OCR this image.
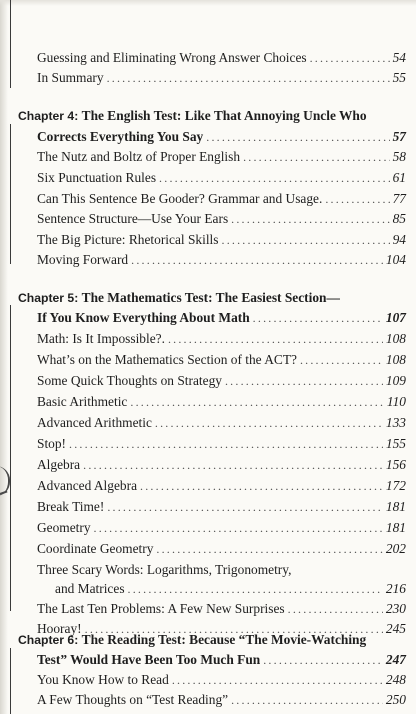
Guessing and Eliminating Wrong Answer Choices .....	54
In Summary .....	55
Chapter 4: The English Test: Like That Annoying Uncle Who
Corrects Everything You Say .....	57
The Nutz and Boltz of Proper English .....	58
Six Punctuation Rules .....	61
Can This Sentence Be Gooder? Grammar and Usage. .....	77
Sentence Structure—Use Your Ears .....	85
The Big Picture: Rhetorical Skills .....	94
Moving Forward .....	104
Chapter 5: The Mathematics Test: The Easiest Section—
If You Know Everything About Math .....	107
Math: Is It Impossible?. .....	108
What’s on the Mathematics Section of the ACT? .....	108
Some Quick Thoughts on Strategy .....	109
Basic Arithmetic .....	110
Advanced Arithmetic .....	133
Stop! .....	155
Algebra .....	156
Advanced Algebra .....	172
Break Time! .....	181
Geometry .....	181
Coordinate Geometry .....	202
Three Scary Words: Logarithms, Trigonometry,
and Matrices .....	216
The Last Ten Problems: A Few New Surprises .....	230
Hooray! .....	245
Chapter 6: The Reading Test: Because “The Movie-Watching
Test” Would Have Been Too Much Fun .....	247
You Know How to Read .....	248
A Few Thoughts on “Test Reading” .....	250
